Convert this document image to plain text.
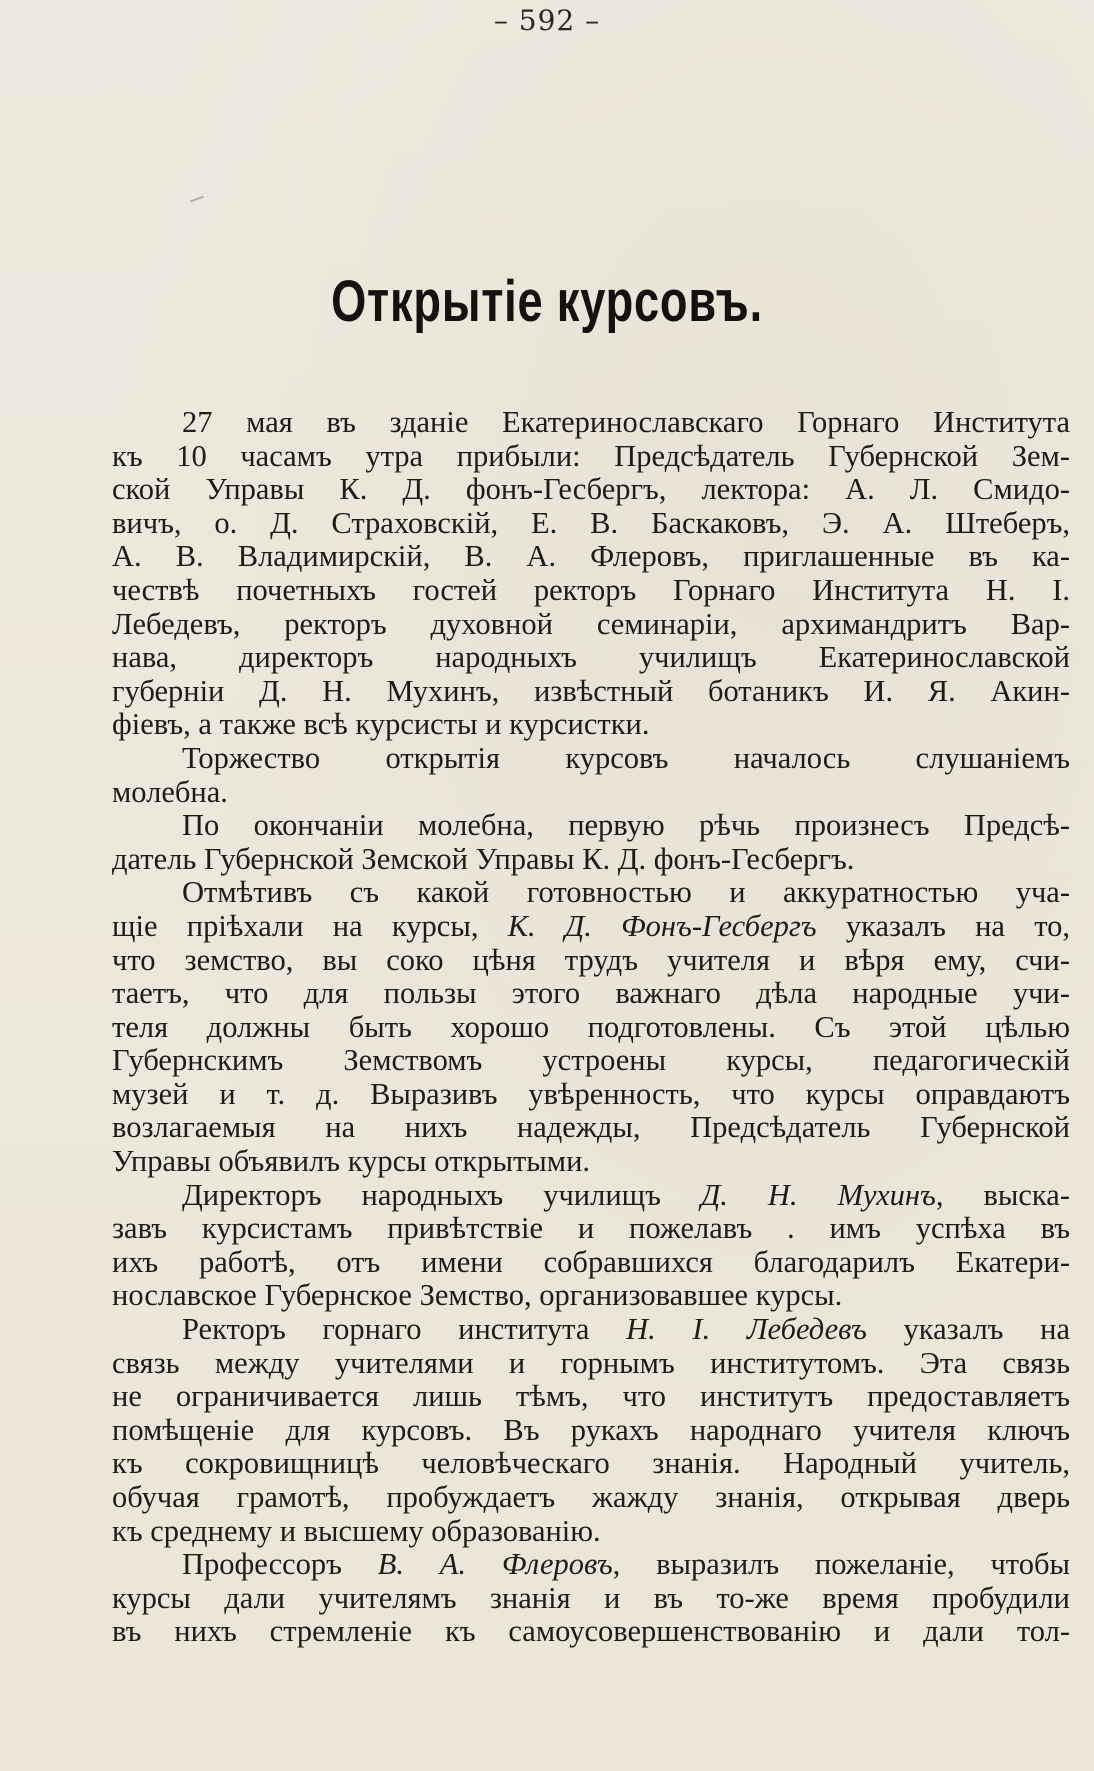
– 592 –
Открытіе курсовъ.
27 мая въ зданіе Екатеринославскаго Горнаго Института
къ 10 часамъ утра прибыли: Предсѣдатель Губернской Зем-
ской Управы К. Д. фонъ-Гесбергъ, лектора: А. Л. Смидо-
вичъ, о. Д. Страховскій, Е. В. Баскаковъ, Э. А. Штеберъ,
А. В. Владимирскій, В. А. Флеровъ, приглашенные въ ка-
чествѣ почетныхъ гостей ректоръ Горнаго Института Н. І.
Лебедевъ, ректоръ духовной семинаріи, архимандритъ Вар-
нава, директоръ народныхъ училищъ Екатеринославской
губерніи Д. Н. Мухинъ, извѣстный ботаникъ И. Я. Акин-
фіевъ, а также всѣ курсисты и курсистки.
Торжество открытія курсовъ началось слушаніемъ
молебна.
По окончаніи молебна, первую рѣчь произнесъ Предсѣ-
датель Губернской Земской Управы К. Д. фонъ-Гесбергъ.
Отмѣтивъ съ какой готовностью и аккуратностью уча-
щіе пріѣхали на курсы, К. Д. Фонъ-Гесбергъ указалъ на то,
что земство, вы соко цѣня трудъ учителя и вѣря ему, счи-
таетъ, что для пользы этого важнаго дѣла народные учи-
теля должны быть хорошо подготовлены. Съ этой цѣлью
Губернскимъ Земствомъ устроены курсы, педагогическій
музей и т. д. Выразивъ увѣренность, что курсы оправдаютъ
возлагаемыя на нихъ надежды, Предсѣдатель Губернской
Управы объявилъ курсы открытыми.
Директоръ народныхъ училищъ Д. Н. Мухинъ, выска-
завъ курсистамъ привѣтствіе и пожелавъ . имъ успѣха въ
ихъ работѣ, отъ имени собравшихся благодарилъ Екатери-
нославское Губернское Земство, организовавшее курсы.
Ректоръ горнаго института Н. І. Лебедевъ указалъ на
связь между учителями и горнымъ институтомъ. Эта связь
не ограничивается лишь тѣмъ, что институтъ предоставляетъ
помѣщеніе для курсовъ. Въ рукахъ народнаго учителя ключъ
къ сокровищницѣ человѣческаго знанія. Народный учитель,
обучая грамотѣ, пробуждаетъ жажду знанія, открывая дверь
къ среднему и высшему образованію.
Профессоръ В. А. Флеровъ, выразилъ пожеланіе, чтобы
курсы дали учителямъ знанія и въ то-же время пробудили
въ нихъ стремленіе къ самоусовершенствованію и дали тол-
